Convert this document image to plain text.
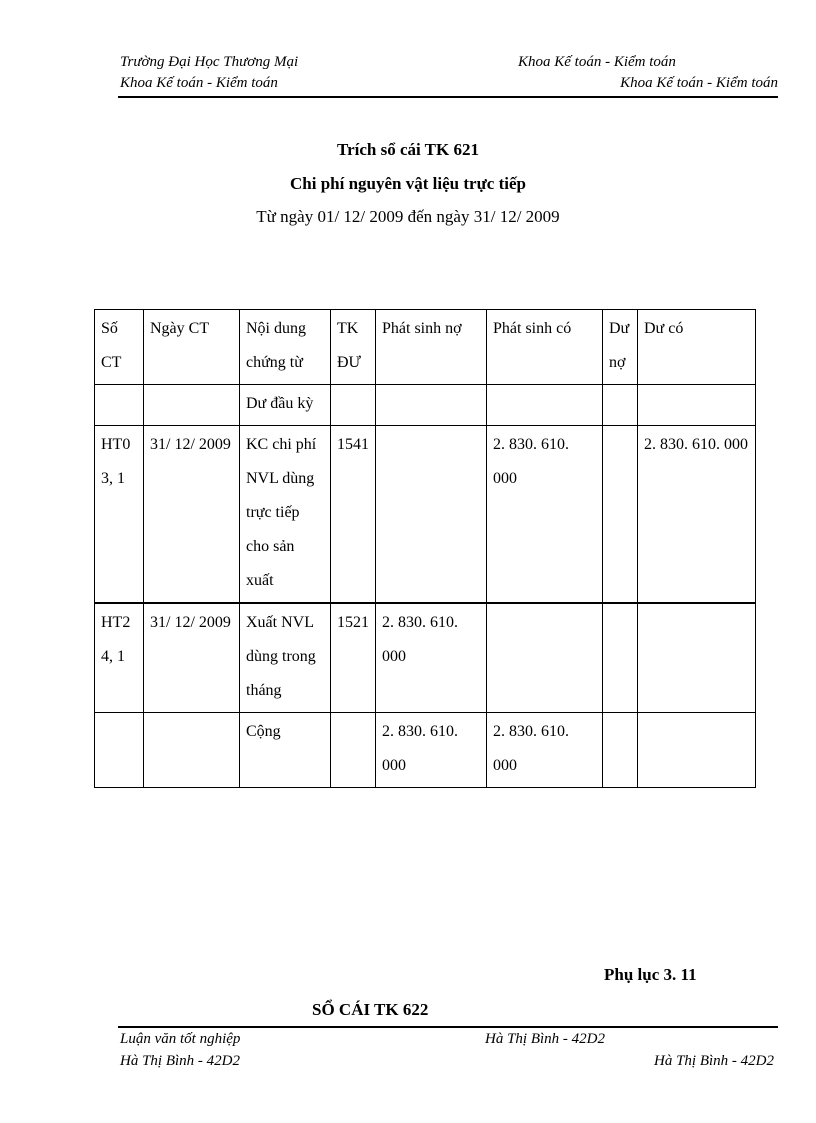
Trường Đại Học Thương Mại	Khoa Kế toán - Kiểm toán
Khoa Kế toán - Kiểm toán	Khoa Kế toán - Kiểm toán
Trích sổ cái TK 621
Chi phí nguyên vật liệu trực tiếp
Từ ngày 01/ 12/ 2009 đến ngày 31/ 12/ 2009
Số CT	Ngày CT	Nội dung chứng từ	TK ĐƯ	Phát sinh nợ	Phát sinh có	Dư nợ	Dư có
		Dư đầu kỳ					
HT03, 1	31/ 12/ 2009	KC chi phí NVL dùng trực tiếp cho sản xuất	1541		2. 830. 610. 000		2. 830. 610. 000
HT24, 1	31/ 12/ 2009	Xuất NVL dùng trong tháng	1521	2. 830. 610. 000			
		Cộng		2. 830. 610. 000	2. 830. 610. 000		
Phụ lục 3. 11
SỔ CÁI TK 622
Luận văn tốt nghiệp	Hà Thị Bình - 42D2
Hà Thị Bình - 42D2	Hà Thị Bình - 42D2
